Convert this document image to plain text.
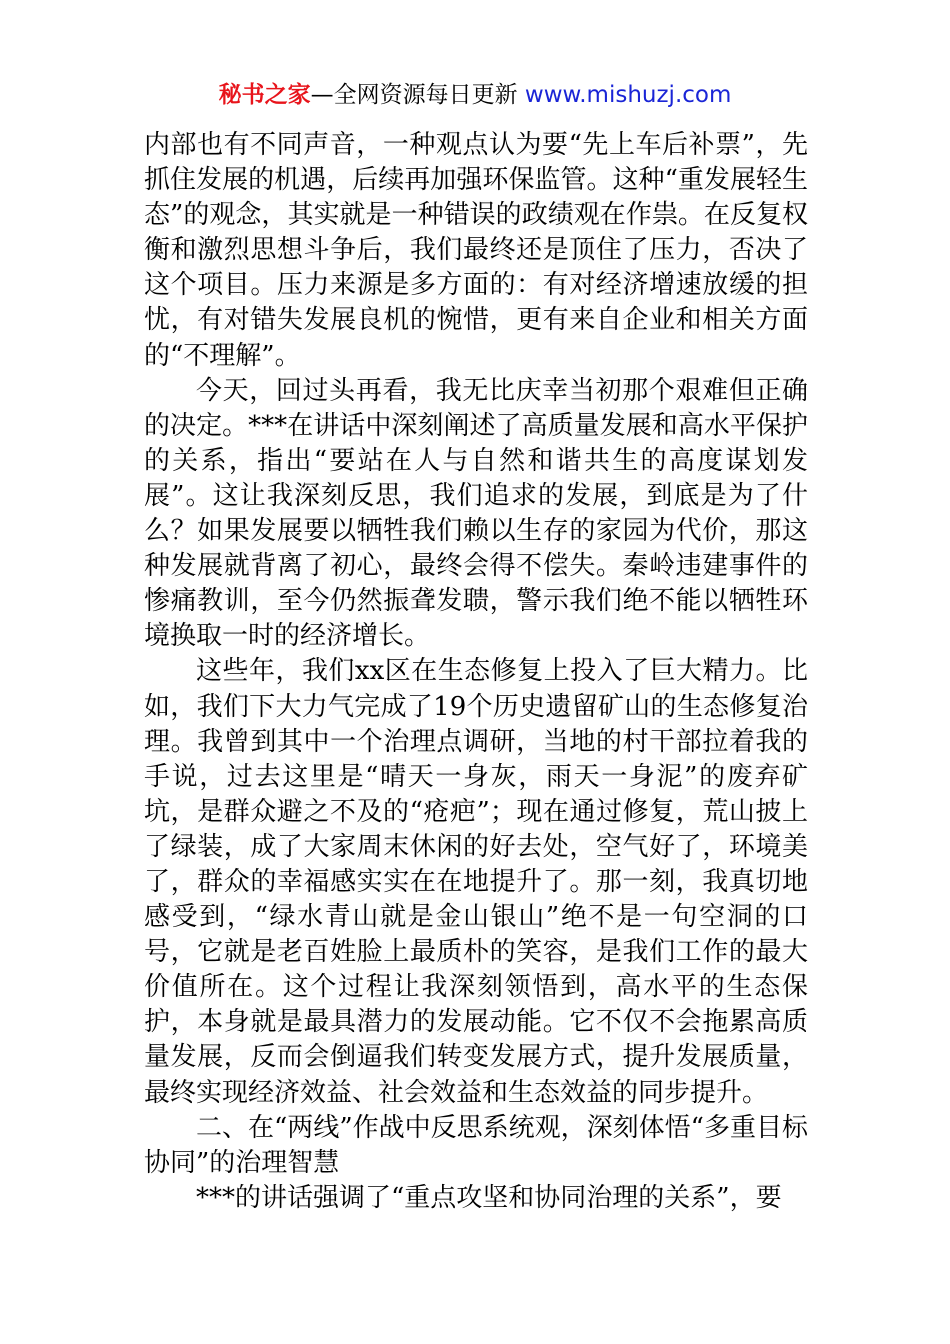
秘书之家—全网资源每日更新 www.mishuzj.com

内部也有不同声音，一种观点认为要“先上车后补票”，先抓住发展的机遇，后续再加强环保监管。这种“重发展轻生态”的观念，其实就是一种错误的政绩观在作祟。在反复权衡和激烈思想斗争后，我们最终还是顶住了压力，否决了这个项目。压力来源是多方面的：有对经济增速放缓的担忧，有对错失发展良机的惋惜，更有来自企业和相关方面的“不理解”。

今天，回过头再看，我无比庆幸当初那个艰难但正确的决定。***在讲话中深刻阐述了高质量发展和高水平保护的关系，指出“要站在人与自然和谐共生的高度谋划发展”。这让我深刻反思，我们追求的发展，到底是为了什么？如果发展要以牺牲我们赖以生存的家园为代价，那这种发展就背离了初心，最终会得不偿失。秦岭违建事件的惨痛教训，至今仍然振聋发聩，警示我们绝不能以牺牲环境换取一时的经济增长。

这些年，我们xx区在生态修复上投入了巨大精力。比如，我们下大力气完成了19个历史遗留矿山的生态修复治理。我曾到其中一个治理点调研，当地的村干部拉着我的手说，过去这里是“晴天一身灰，雨天一身泥”的废弃矿坑，是群众避之不及的“疮疤”；现在通过修复，荒山披上了绿装，成了大家周末休闲的好去处，空气好了，环境美了，群众的幸福感实实在在地提升了。那一刻，我真切地感受到，“绿水青山就是金山银山”绝不是一句空洞的口号，它就是老百姓脸上最质朴的笑容，是我们工作的最大价值所在。这个过程让我深刻领悟到，高水平的生态保护，本身就是最具潜力的发展动能。它不仅不会拖累高质量发展，反而会倒逼我们转变发展方式，提升发展质量，最终实现经济效益、社会效益和生态效益的同步提升。

二、在“两线”作战中反思系统观，深刻体悟“多重目标协同”的治理智慧

***的讲话强调了“重点攻坚和协同治理的关系”，要
